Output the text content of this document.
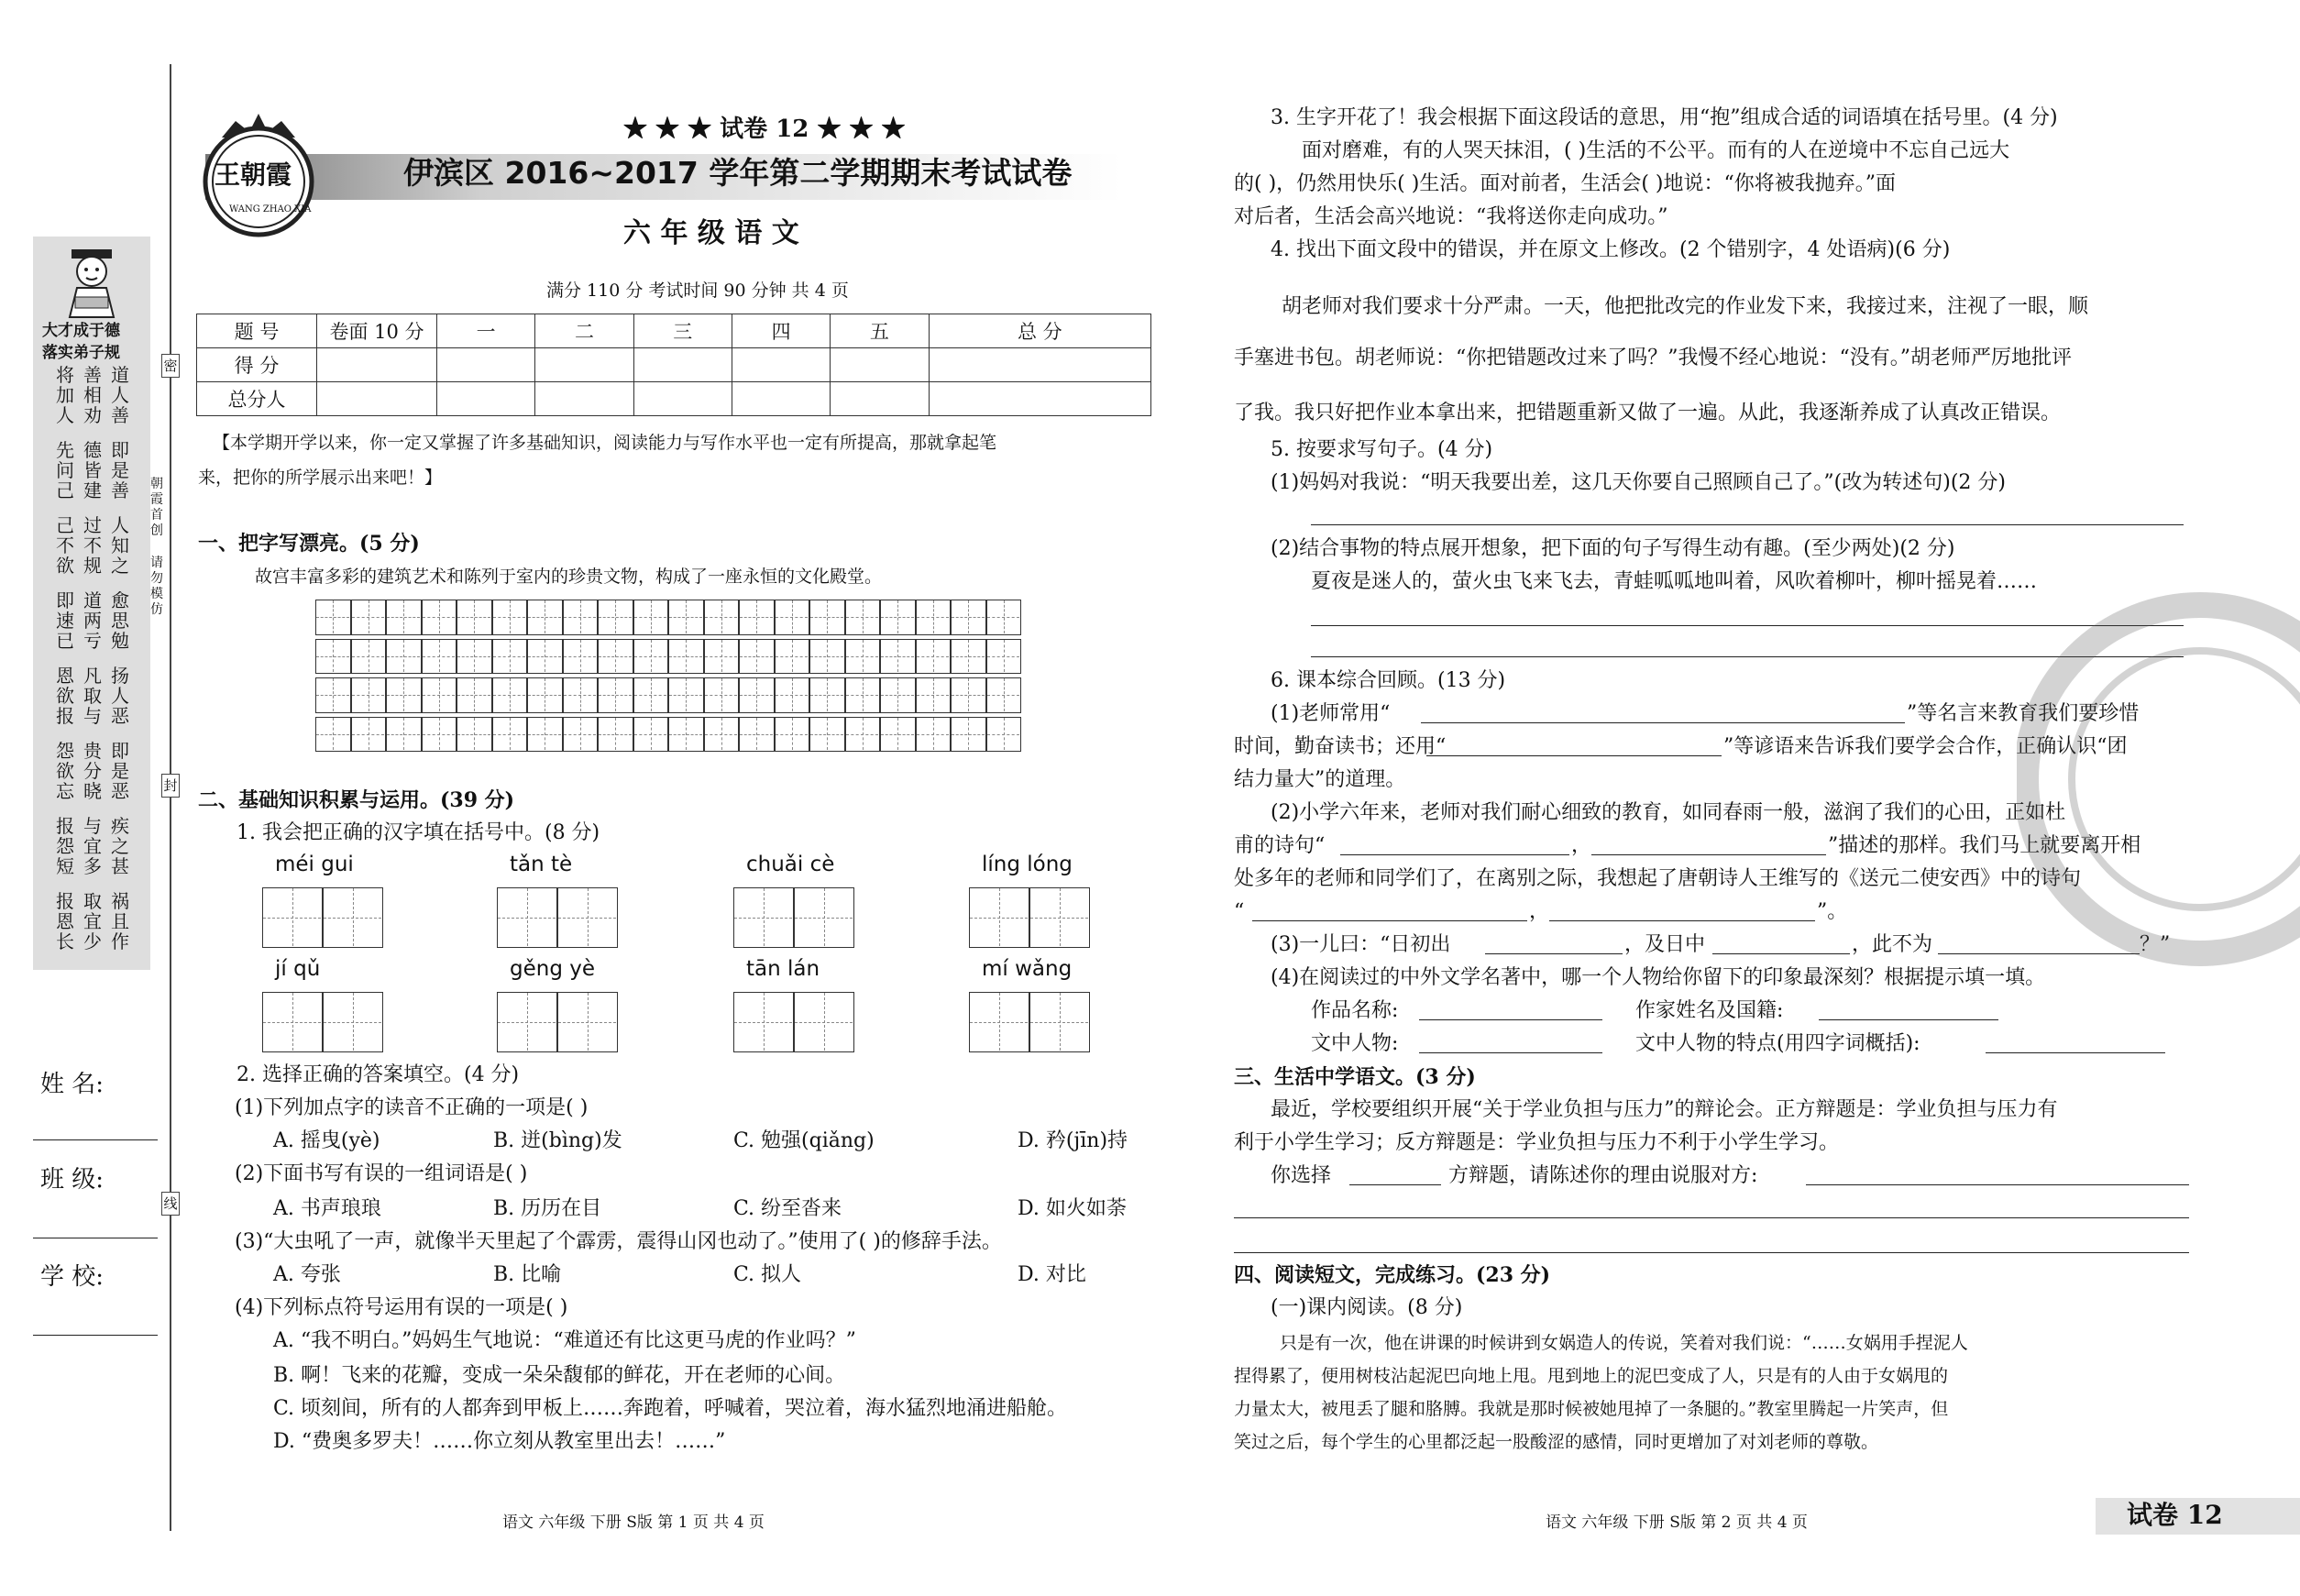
大才成于德
落实弟子规
将加人
善相劝
道人善
先问己
德皆建
即是善
己不欲
过不规
人知之
即速已
道两亏
愈思勉
恩欲报
凡取与
扬人恶
怨欲忘
贵分晓
即是恶
报怨短
与宜多
疾之甚
报恩长
取宜少
祸且作
姓 名:
班 级:
学 校:
密
封
线
朝霞首创
请勿模仿
王朝霞
WANG ZHAO XIA
★ ★ ★ 试卷 12 ★ ★ ★
伊滨区 2016~2017 学年第二学期期末考试试卷
六 年 级 语 文
满分 110 分 考试时间 90 分钟 共 4 页
题 号	卷面 10 分	一	二	三	四	五	总 分
得 分							
总分人							
【本学期开学以来，你一定又掌握了许多基础知识，阅读能力与写作水平也一定有所提高，那就拿起笔
来，把你的所学展示出来吧！】
一、把字写漂亮。(5 分)
故宫丰富多彩的建筑艺术和陈列于室内的珍贵文物，构成了一座永恒的文化殿堂。
二、基础知识积累与运用。(39 分)
1. 我会把正确的汉字填在括号中。(8 分)
méi gui	tǎn tè	chuǎi cè	líng lóng
jí qǔ	gěng yè	tān lán	mí wǎng
2. 选择正确的答案填空。(4 分)
(1)下列加点字的读音不正确的一项是( )
A. 摇曳(yè)	B. 迸(bìng)发	C. 勉强(qiǎng)	D. 矜(jīn)持
(2)下面书写有误的一组词语是( )
A. 书声琅琅	B. 历历在目	C. 纷至沓来	D. 如火如荼
(3)“大虫吼了一声，就像半天里起了个霹雳，震得山冈也动了。”使用了( )的修辞手法。
A. 夸张	B. 比喻	C. 拟人	D. 对比
(4)下列标点符号运用有误的一项是( )
A. “我不明白。”妈妈生气地说：“难道还有比这更马虎的作业吗？”
B. 啊！飞来的花瓣，变成一朵朵馥郁的鲜花，开在老师的心间。
C. 顷刻间，所有的人都奔到甲板上……奔跑着，呼喊着，哭泣着，海水猛烈地涌进船舱。
D. “费奥多罗夫！……你立刻从教室里出去！……”
语文 六年级 下册 S版 第 1 页 共 4 页
3. 生字开花了！我会根据下面这段话的意思，用“抱”组成合适的词语填在括号里。(4 分)
面对磨难，有的人哭天抹泪，( )生活的不公平。而有的人在逆境中不忘自己远大
的( )，仍然用快乐( )生活。面对前者，生活会( )地说：“你将被我抛弃。”面
对后者，生活会高兴地说：“我将送你走向成功。”
4. 找出下面文段中的错误，并在原文上修改。(2 个错别字，4 处语病)(6 分)
胡老师对我们要求十分严肃。一天，他把批改完的作业发下来，我接过来，注视了一眼，顺
手塞进书包。胡老师说：“你把错题改过来了吗？”我慢不经心地说：“没有。”胡老师严厉地批评
了我。我只好把作业本拿出来，把错题重新又做了一遍。从此，我逐渐养成了认真改正错误。
5. 按要求写句子。(4 分)
(1)妈妈对我说：“明天我要出差，这几天你要自己照顾自己了。”(改为转述句)(2 分)
(2)结合事物的特点展开想象，把下面的句子写得生动有趣。(至少两处)(2 分)
夏夜是迷人的，萤火虫飞来飞去，青蛙呱呱地叫着，风吹着柳叶，柳叶摇晃着……
6. 课本综合回顾。(13 分)
(1)老师常用“	”等名言来教育我们要珍惜
时间，勤奋读书；还用“	”等谚语来告诉我们要学会合作，正确认识“团
结力量大”的道理。
(2)小学六年来，老师对我们耐心细致的教育，如同春雨一般，滋润了我们的心田，正如杜
甫的诗句“	，	”描述的那样。我们马上就要离开相
处多年的老师和同学们了，在离别之际，我想起了唐朝诗人王维写的《送元二使安西》中的诗句
“	，	”。
(3)一儿曰：“日初出	，及日中	，此不为	？”
(4)在阅读过的中外文学名著中，哪一个人物给你留下的印象最深刻？根据提示填一填。
作品名称:	作家姓名及国籍:
文中人物:	文中人物的特点(用四字词概括):
三、生活中学语文。(3 分)
最近，学校要组织开展“关于学业负担与压力”的辩论会。正方辩题是：学业负担与压力有
利于小学生学习；反方辩题是：学业负担与压力不利于小学生学习。
你选择	方辩题，请陈述你的理由说服对方:
四、阅读短文，完成练习。(23 分)
(一)课内阅读。(8 分)
只是有一次，他在讲课的时候讲到女娲造人的传说，笑着对我们说：“……女娲用手捏泥人
捏得累了，便用树枝沾起泥巴向地上甩。甩到地上的泥巴变成了人，只是有的人由于女娲甩的
力量太大，被甩丢了腿和胳膊。我就是那时候被她甩掉了一条腿的。”教室里腾起一片笑声，但
笑过之后，每个学生的心里都泛起一股酸涩的感情，同时更增加了对刘老师的尊敬。
语文 六年级 下册 S版 第 2 页 共 4 页	试卷 12
